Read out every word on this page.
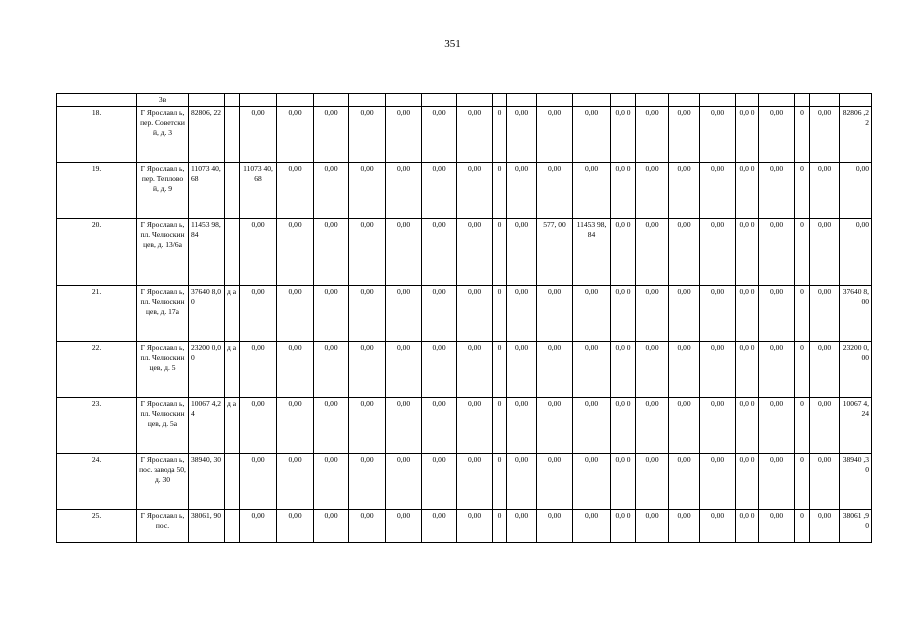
351
	3в																						
18.	Г Ярославл ь, пер. Советски й, д. 3	82806, 22		0,00	0,00	0,00	0,00	0,00	0,00	0,00	0	0,00	0,00	0,00	0,0 0	0,00	0,00	0,00	0,0 0	0,00	0	0,00	82806 ,22
19.	Г Ярославл ь, пер. Тепловой, д. 9	11073 40,68		11073 40,68	0,00	0,00	0,00	0,00	0,00	0,00	0	0,00	0,00	0,00	0,0 0	0,00	0,00	0,00	0,0 0	0,00	0	0,00	0,00
20.	Г Ярославл ь, пл. Челюскин цев, д. 13/6а	11453 98,84		0,00	0,00	0,00	0,00	0,00	0,00	0,00	0	0,00	577, 00	11453 98,84	0,0 0	0,00	0,00	0,00	0,0 0	0,00	0	0,00	0,00
21.	Г Ярославл ь, пл. Челюскин цев, д. 17а	37640 8,00	д а	0,00	0,00	0,00	0,00	0,00	0,00	0,00	0	0,00	0,00	0,00	0,0 0	0,00	0,00	0,00	0,0 0	0,00	0	0,00	37640 8,00
22.	Г Ярославл ь, пл. Челюскин цев, д. 5	23200 0,00	д а	0,00	0,00	0,00	0,00	0,00	0,00	0,00	0	0,00	0,00	0,00	0,0 0	0,00	0,00	0,00	0,0 0	0,00	0	0,00	23200 0,00
23.	Г Ярославл ь, пл. Челюскин цев, д. 5а	10067 4,24	д а	0,00	0,00	0,00	0,00	0,00	0,00	0,00	0	0,00	0,00	0,00	0,0 0	0,00	0,00	0,00	0,0 0	0,00	0	0,00	10067 4,24
24.	Г Ярославл ь, пос. завода 50, д. 30	38940, 30		0,00	0,00	0,00	0,00	0,00	0,00	0,00	0	0,00	0,00	0,00	0,0 0	0,00	0,00	0,00	0,0 0	0,00	0	0,00	38940 ,30
25.	Г Ярославл ь, пос.	38061, 90		0,00	0,00	0,00	0,00	0,00	0,00	0,00	0	0,00	0,00	0,00	0,0 0	0,00	0,00	0,00	0,0 0	0,00	0	0,00	38061 ,90
